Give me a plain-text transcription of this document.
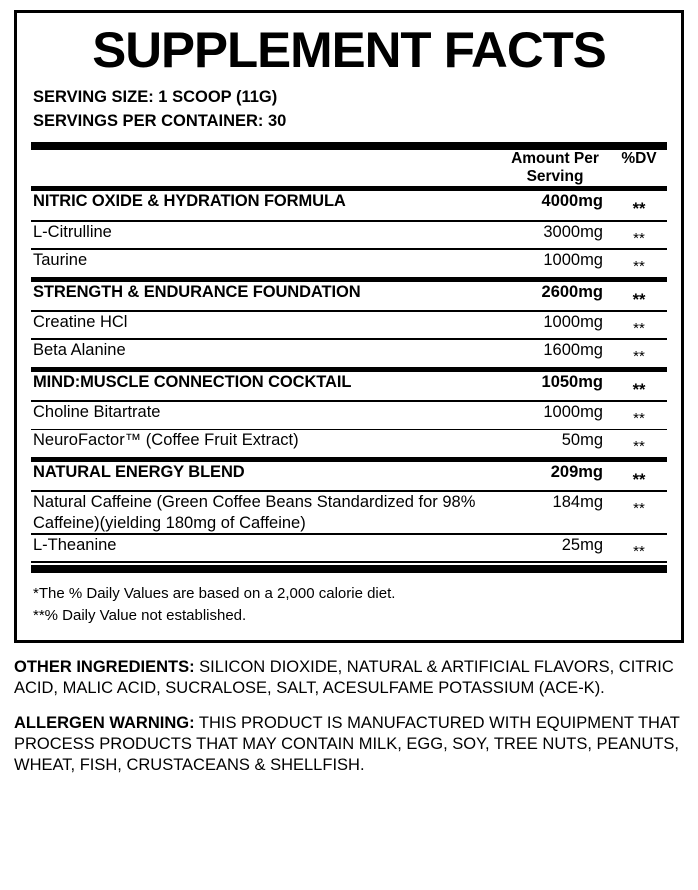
SUPPLEMENT FACTS
SERVING SIZE: 1 SCOOP (11G)
SERVINGS PER CONTAINER: 30

Amount Per
Serving
	%DV
NITRIC OXIDE & HYDRATION FORMULA	4000mg	**
L-Citrulline	3000mg	**
Taurine	1000mg	**
STRENGTH & ENDURANCE FOUNDATION	2600mg	**
Creatine HCl	1000mg	**
Beta Alanine	1600mg	**
MIND:MUSCLE CONNECTION COCKTAIL	1050mg	**
Choline Bitartrate	1000mg	**
NeuroFactor™ (Coffee Fruit Extract)	50mg	**
NATURAL ENERGY BLEND	209mg	**
Natural Caffeine (Green Coffee Beans Standardized for 98% Caffeine)(yielding 180mg of Caffeine)	184mg	**
L-Theanine	25mg	**
*The % Daily Values are based on a 2,000 calorie diet.
**% Daily Value not established.

OTHER INGREDIENTS: SILICON DIOXIDE, NATURAL & ARTIFICIAL FLAVORS, CITRIC ACID, MALIC ACID, SUCRALOSE, SALT, ACESULFAME POTASSIUM (ACE-K).

ALLERGEN WARNING: THIS PRODUCT IS MANUFACTURED WITH EQUIPMENT THAT PROCESS PRODUCTS THAT MAY CONTAIN MILK, EGG, SOY, TREE NUTS, PEANUTS, WHEAT, FISH, CRUSTACEANS & SHELLFISH.
